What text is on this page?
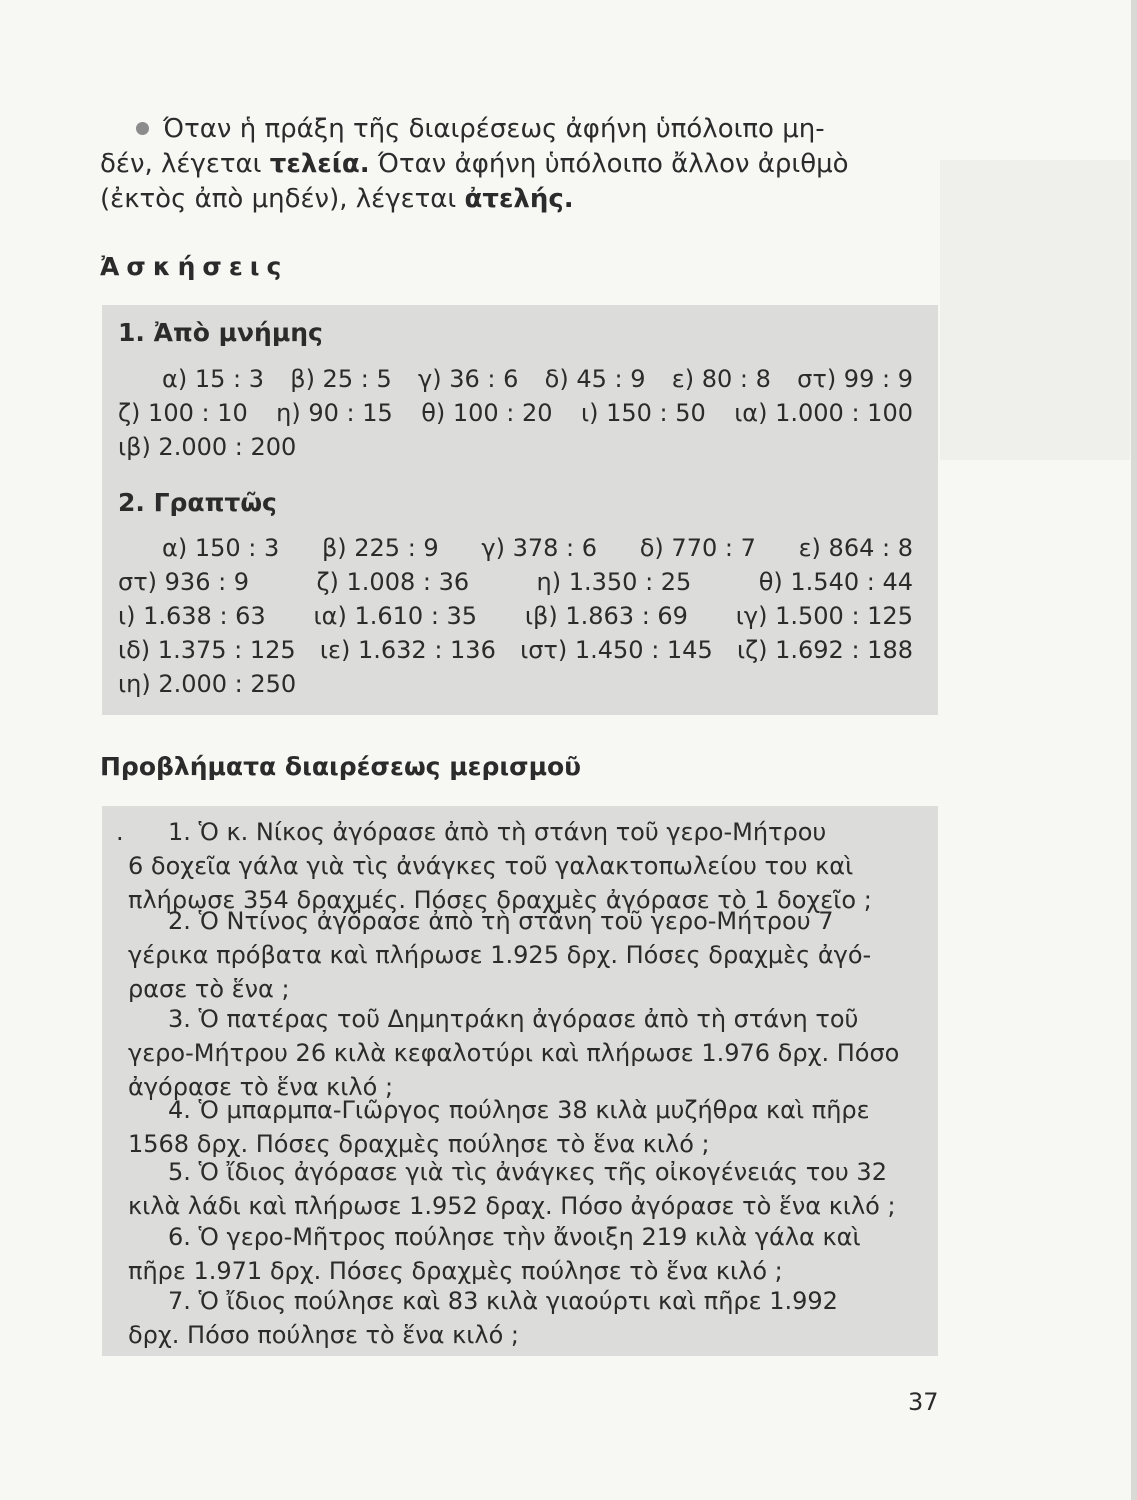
Όταν ἡ πράξη τῆς διαιρέσεως ἀφήνη ὑπόλοιπο μη-
δέν, λέγεται τελεία. Όταν ἀφήνη ὑπόλοιπο ἄλλον ἀριθμὸ
(ἐκτὸς ἀπὸ μηδέν), λέγεται ἀτελής.
Ἀσκήσεις
1. Ἀπὸ μνήμης
α) 15 : 3 β) 25 : 5 γ) 36 : 6 δ) 45 : 9 ε) 80 : 8 στ) 99 : 9
ζ) 100 : 10 η) 90 : 15 θ) 100 : 20 ι) 150 : 50 ια) 1.000 : 100
ιβ) 2.000 : 200
2. Γραπτῶς
α) 150 : 3 β) 225 : 9 γ) 378 : 6 δ) 770 : 7 ε) 864 : 8
στ) 936 : 9	ζ) 1.008 : 36	η) 1.350 : 25	θ) 1.540 : 44
ι) 1.638 : 63 ια) 1.610 : 35 ιβ) 1.863 : 69 ιγ) 1.500 : 125
ιδ) 1.375 : 125 ιε) 1.632 : 136 ιστ) 1.450 : 145 ιζ) 1.692 : 188
ιη) 2.000 : 250
Προβλήματα διαιρέσεως μερισμοῦ
.	1. Ὁ κ. Νίκος ἀγόρασε ἀπὸ τὴ στάνη τοῦ γερο-Μήτρου
6 δοχεῖα γάλα γιὰ τὶς ἀνάγκες τοῦ γαλακτοπωλείου του καὶ πλήρωσε 354 δραχμές. Πόσες δραχμὲς ἀγόρασε τὸ 1 δοχεῖο ;
2. Ὁ Ντίνος ἀγόρασε ἀπὸ τὴ στάνη τοῦ γερο-Μήτρου 7
γέρικα πρόβατα καὶ πλήρωσε 1.925 δρχ. Πόσες δραχμὲς ἀγό-ρασε τὸ ἕνα ;
3. Ὁ πατέρας τοῦ Δημητράκη ἀγόρασε ἀπὸ τὴ στάνη τοῦ
γερο-Μήτρου 26 κιλὰ κεφαλοτύρι καὶ πλήρωσε 1.976 δρχ. Πόσο ἀγόρασε τὸ ἕνα κιλό ;
4. Ὁ μπαρμπα-Γιῶργος πούλησε 38 κιλὰ μυζήθρα καὶ πῆρε
1568 δρχ. Πόσες δραχμὲς πούλησε τὸ ἕνα κιλό ;
5. Ὁ ἴδιος ἀγόρασε γιὰ τὶς ἀνάγκες τῆς οἰκογένειάς του 32
κιλὰ λάδι καὶ πλήρωσε 1.952 δραχ. Πόσο ἀγόρασε τὸ ἕνα κιλό ;
6. Ὁ γερο-Μῆτρος πούλησε τὴν ἄνοιξη 219 κιλὰ γάλα καὶ
πῆρε 1.971 δρχ. Πόσες δραχμὲς πούλησε τὸ ἕνα κιλό ;
7. Ὁ ἴδιος πούλησε καὶ 83 κιλὰ γιαούρτι καὶ πῆρε 1.992
δρχ. Πόσο πούλησε τὸ ἕνα κιλό ;
37
